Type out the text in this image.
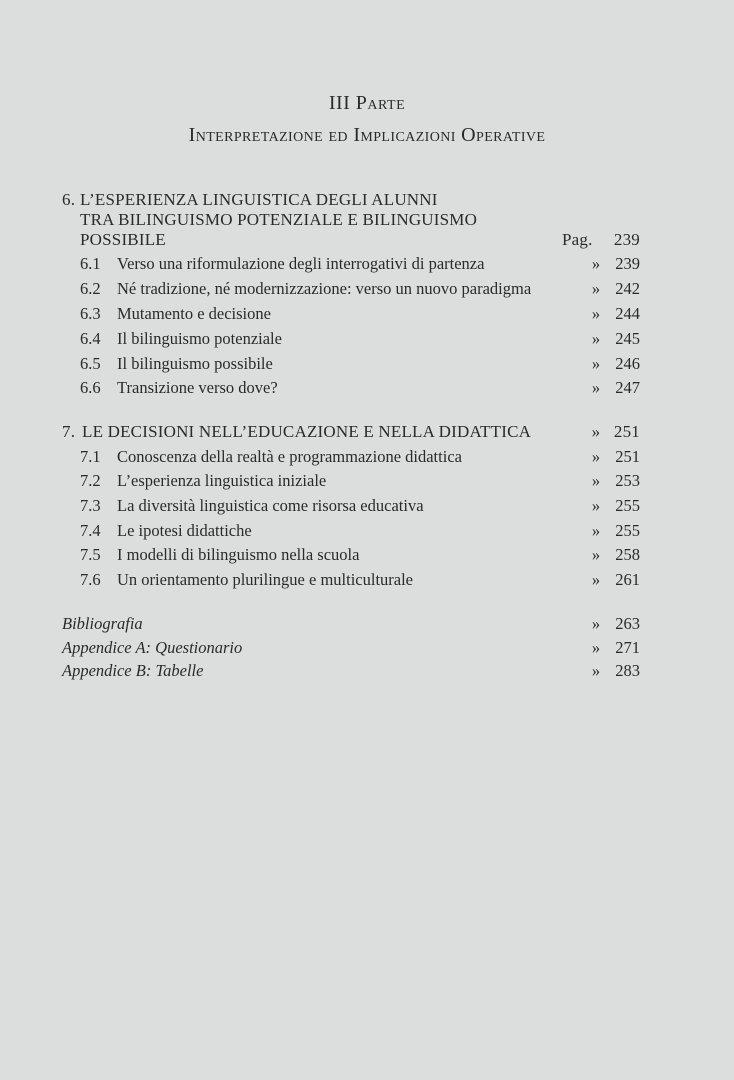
III Parte
Interpretazione ed Implicazioni Operative
6. L’ESPERIENZA LINGUISTICA DEGLI ALUNNI
TRA BILINGUISMO POTENZIALE E BILINGUISMO
POSSIBILE	Pag. 239
6.1 Verso una riformulazione degli interrogativi di partenza	» 239
6.2 Né tradizione, né modernizzazione: verso un nuovo paradigma	» 242
6.3 Mutamento e decisione	» 244
6.4 Il bilinguismo potenziale	» 245
6.5 Il bilinguismo possibile	» 246
6.6 Transizione verso dove?	» 247
7. LE DECISIONI NELL’EDUCAZIONE E NELLA DIDATTICA	» 251
7.1 Conoscenza della realtà e programmazione didattica	» 251
7.2 L’esperienza linguistica iniziale	» 253
7.3 La diversità linguistica come risorsa educativa	» 255
7.4 Le ipotesi didattiche	» 255
7.5 I modelli di bilinguismo nella scuola	» 258
7.6 Un orientamento plurilingue e multiculturale	» 261
Bibliografia	» 263
Appendice A: Questionario	» 271
Appendice B: Tabelle	» 283
